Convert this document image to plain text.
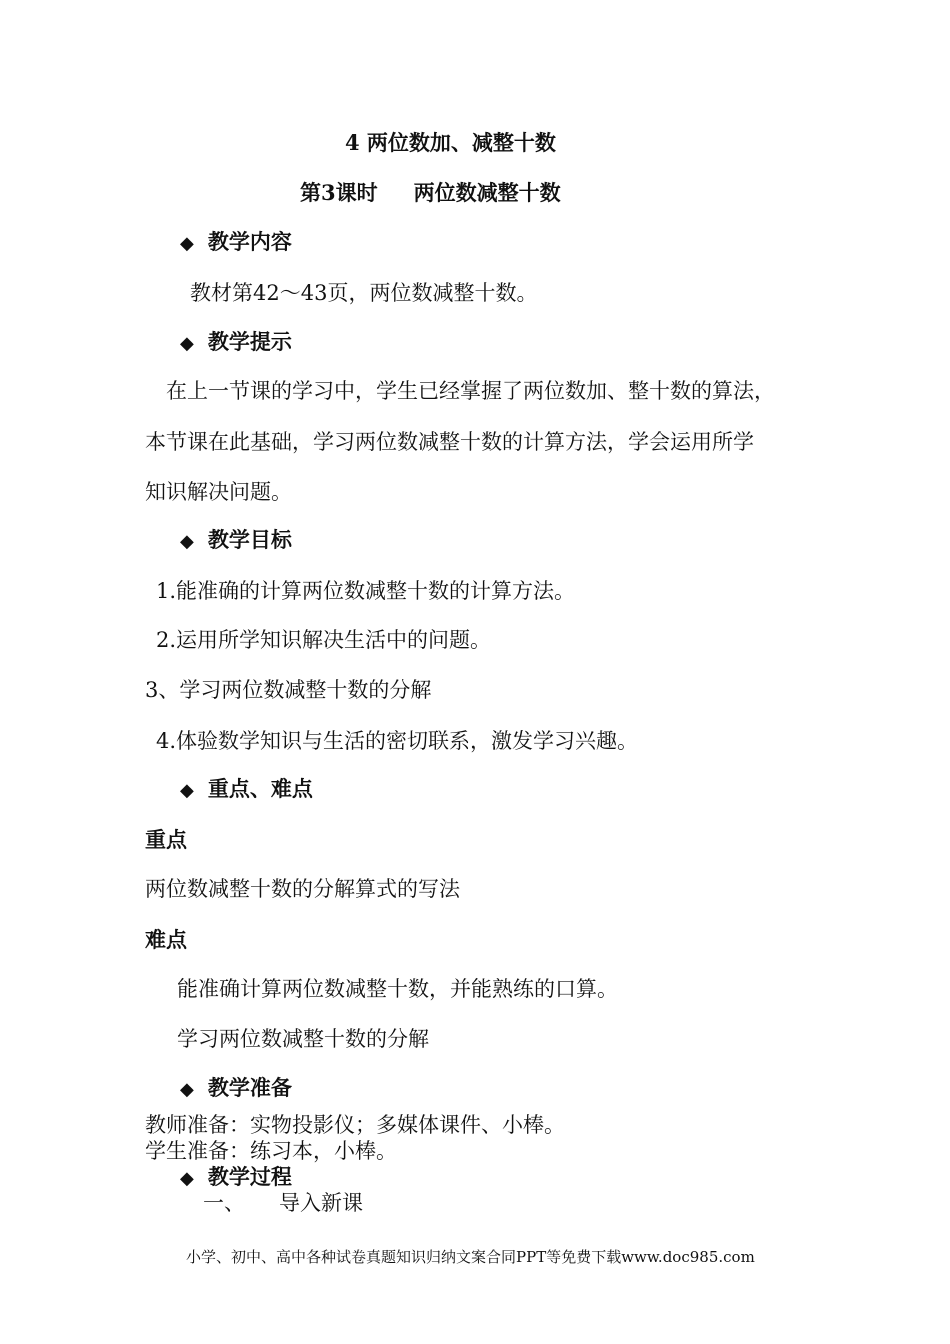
4 两位数加、减整十数
第3课时 两位数减整十数
◆ 教学内容
教材第42～43页，两位数减整十数。
◆ 教学提示
在上一节课的学习中，学生已经掌握了两位数加、整十数的算法，
本节课在此基础，学习两位数减整十数的计算方法，学会运用所学
知识解决问题。
◆ 教学目标
1.能准确的计算两位数减整十数的计算方法。
2.运用所学知识解决生活中的问题。
3、学习两位数减整十数的分解
4.体验数学知识与生活的密切联系，激发学习兴趣。
◆ 重点、难点
重点
两位数减整十数的分解算式的写法
难点
能准确计算两位数减整十数，并能熟练的口算。
学习两位数减整十数的分解
◆ 教学准备
教师准备：实物投影仪；多媒体课件、小棒。
学生准备：练习本，小棒。
◆ 教学过程
一、 导入新课
小学、初中、高中各种试卷真题知识归纳文案合同PPT等免费下载www.doc985.com
